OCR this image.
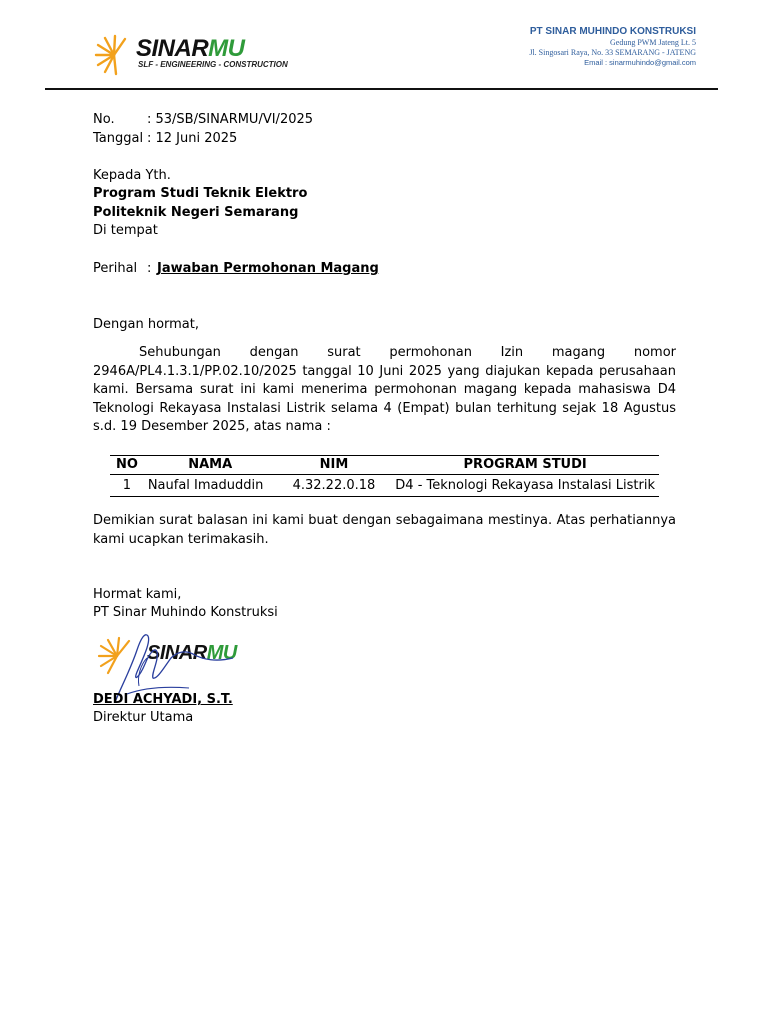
SINARMU
SLF - ENGINEERING - CONSTRUCTION
PT SINAR MUHINDO KONSTRUKSI
Gedung PWM Jateng Lt. 5
Jl. Singosari Raya, No. 33 SEMARANG - JATENG
Email : sinarmuhindo@gmail.com
No. : 53/SB/SINARMU/VI/2025
Tanggal : 12 Juni 2025
Kepada Yth.
Program Studi Teknik Elektro
Politeknik Negeri Semarang
Di tempat
Perihal : Jawaban Permohonan Magang
Dengan hormat,
Sehubungan dengan surat permohonan Izin magang nomor 2946A/PL4.1.3.1/PP.02.10/2025 tanggal 10 Juni 2025 yang diajukan kepada perusahaan kami. Bersama surat ini kami menerima permohonan magang kepada mahasiswa D4 Teknologi Rekayasa Instalasi Listrik selama 4 (Empat) bulan terhitung sejak 18 Agustus s.d. 19 Desember 2025, atas nama :
NO	NAMA	NIM	PROGRAM STUDI
1	Naufal Imaduddin	4.32.22.0.18	D4 - Teknologi Rekayasa Instalasi Listrik
Demikian surat balasan ini kami buat dengan sebagaimana mestinya. Atas perhatiannya kami ucapkan terimakasih.
Hormat kami,
PT Sinar Muhindo Konstruksi
SINARMU
DEDI ACHYADI, S.T.
Direktur Utama
